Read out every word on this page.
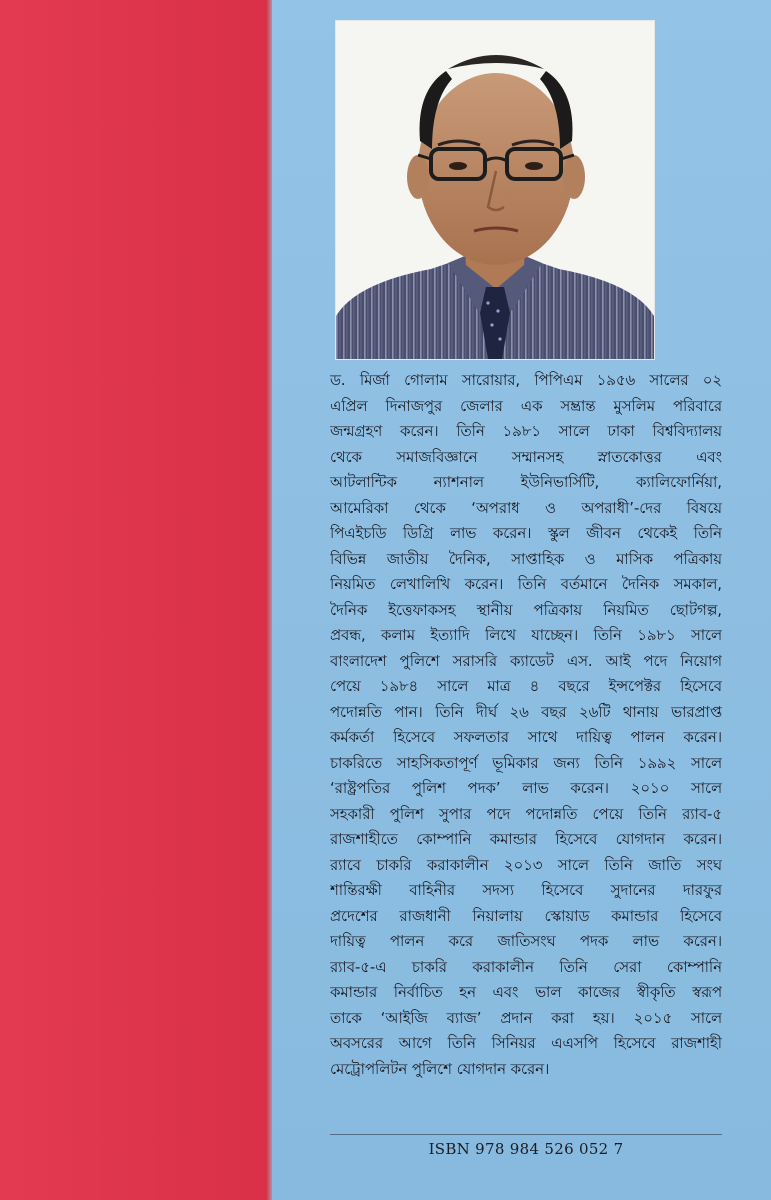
ড. মির্জা গোলাম সারোয়ার, পিপিএম ১৯৫৬ সালের ০২

এপ্রিল দিনাজপুর জেলার এক সম্ভ্রান্ত মুসলিম পরিবারে

জন্মগ্রহণ করেন। তিনি ১৯৮১ সালে ঢাকা বিশ্ববিদ্যালয়

থেকে সমাজবিজ্ঞানে সম্মানসহ স্নাতকোত্তর এবং

আটলান্টিক ন্যাশনাল ইউনিভার্সিটি, ক্যালিফোর্নিয়া,

আমেরিকা থেকে ‘অপরাধ ও অপরাধী’-দের বিষয়ে

পিএইচডি ডিগ্রি লাভ করেন। স্কুল জীবন থেকেই তিনি

বিভিন্ন জাতীয় দৈনিক, সাপ্তাহিক ও মাসিক পত্রিকায়

নিয়মিত লেখালিখি করেন। তিনি বর্তমানে দৈনিক সমকাল,

দৈনিক ইত্তেফাকসহ স্থানীয় পত্রিকায় নিয়মিত ছোটগল্প,

প্রবন্ধ, কলাম ইত্যাদি লিখে যাচ্ছেন। তিনি ১৯৮১ সালে

বাংলাদেশ পুলিশে সরাসরি ক্যাডেট এস. আই পদে নিয়োগ

পেয়ে ১৯৮৪ সালে মাত্র ৪ বছরে ইন্সপেক্টর হিসেবে

পদোন্নতি পান। তিনি দীর্ঘ ২৬ বছর ২৬টি থানায় ভারপ্রাপ্ত

কর্মকর্তা হিসেবে সফলতার সাথে দায়িত্ব পালন করেন।

চাকরিতে সাহসিকতাপূর্ণ ভূমিকার জন্য তিনি ১৯৯২ সালে

‘রাষ্ট্রপতির পুলিশ পদক’ লাভ করেন। ২০১০ সালে

সহকারী পুলিশ সুপার পদে পদোন্নতি পেয়ে তিনি র‍্যাব-৫

রাজশাহীতে কোম্পানি কমান্ডার হিসেবে যোগদান করেন।

র‍্যাবে চাকরি করাকালীন ২০১৩ সালে তিনি জাতি সংঘ

শান্তিরক্ষী বাহিনীর সদস্য হিসেবে সুদানের দারফুর

প্রদেশের রাজধানী নিয়ালায় স্কোয়াড কমান্ডার হিসেবে

দায়িত্ব পালন করে জাতিসংঘ পদক লাভ করেন।

র‍্যাব-৫-এ চাকরি করাকালীন তিনি সেরা কোম্পানি

কমান্ডার নির্বাচিত হন এবং ভাল কাজের স্বীকৃতি স্বরূপ

তাকে ‘আইজি ব্যাজ’ প্রদান করা হয়। ২০১৫ সালে

অবসরের আগে তিনি সিনিয়র এএসপি হিসেবে রাজশাহী

মেট্রোপলিটন পুলিশে যোগদান করেন।

ISBN 978 984 526 052 7
